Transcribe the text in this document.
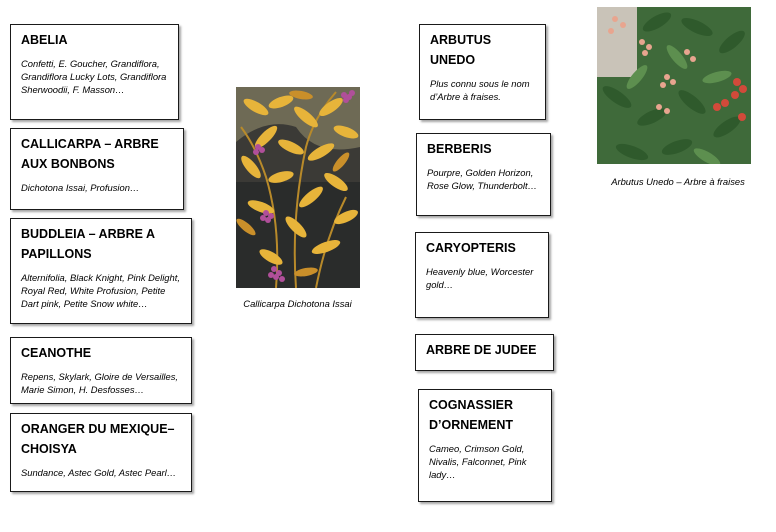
ABELIA

Confetti, E. Goucher, Grandiflora, Grandiflora Lucky Lots, Grandiflora Sherwoodii, F. Masson…

CALLICARPA – ARBRE AUX BONBONS

Dichotona Issai, Profusion…

BUDDLEIA – ARBRE A PAPILLONS

Alternifolia, Black Knight, Pink Delight, Royal Red, White Profusion, Petite Dart pink, Petite Snow white…

CEANOTHE

Repens, Skylark, Gloire de Versailles, Marie Simon, H. Desfosses…

ORANGER DU MEXIQUE– CHOISYA

Sundance, Astec Gold, Astec Pearl…

Callicarpa Dichotona Issai
ARBUTUS UNEDO

Plus connu sous le nom d’Arbre à fraises.

BERBERIS

Pourpre, Golden Horizon, Rose Glow, Thunderbolt…

CARYOPTERIS

Heavenly blue, Worcester gold…

ARBRE DE JUDEE
COGNASSIER D’ORNEMENT

Cameo, Crimson Gold, Nivalis, Falconnet, Pink lady…

Arbutus Unedo – Arbre à fraises
